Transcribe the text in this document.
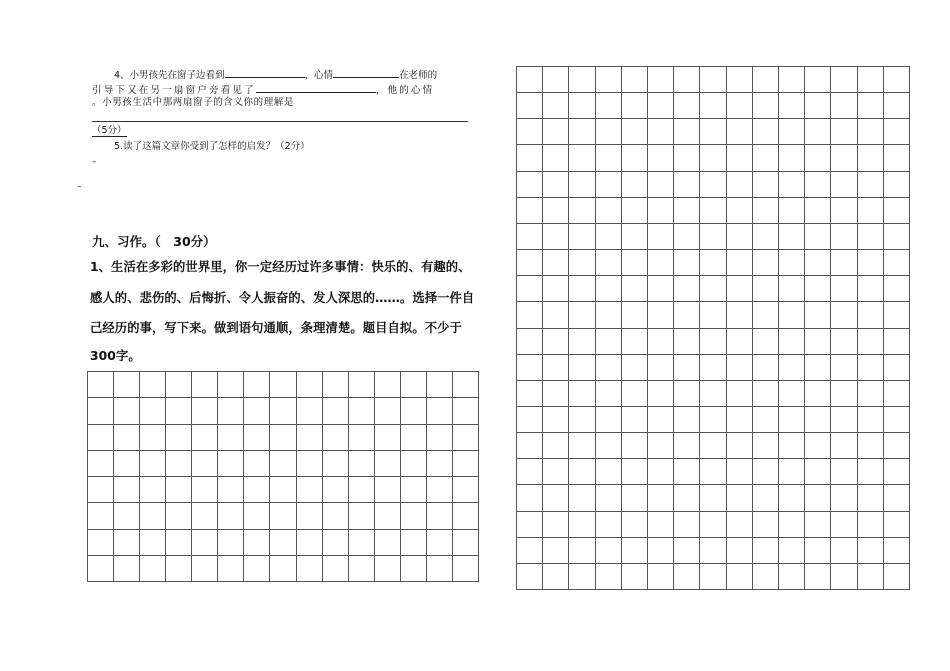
4、小男孩先在窗子边看到	，心情	在老师的
引导下又在另一扇窗户旁看见了	，他的心情
。小男孩生活中那两扇窗子的含义你的理解是
（5分）
5.读了这篇文章你受到了怎样的启发？（2分）
–
–
九、习作。（　30分）
1、生活在多彩的世界里，你一定经历过许多事情：快乐的、有趣的、
感人的、悲伤的、后悔折、令人振奋的、发人深思的……。选择一件自
己经历的事，写下来。做到语句通顺，条理清楚。题目自拟。不少于
300字。
